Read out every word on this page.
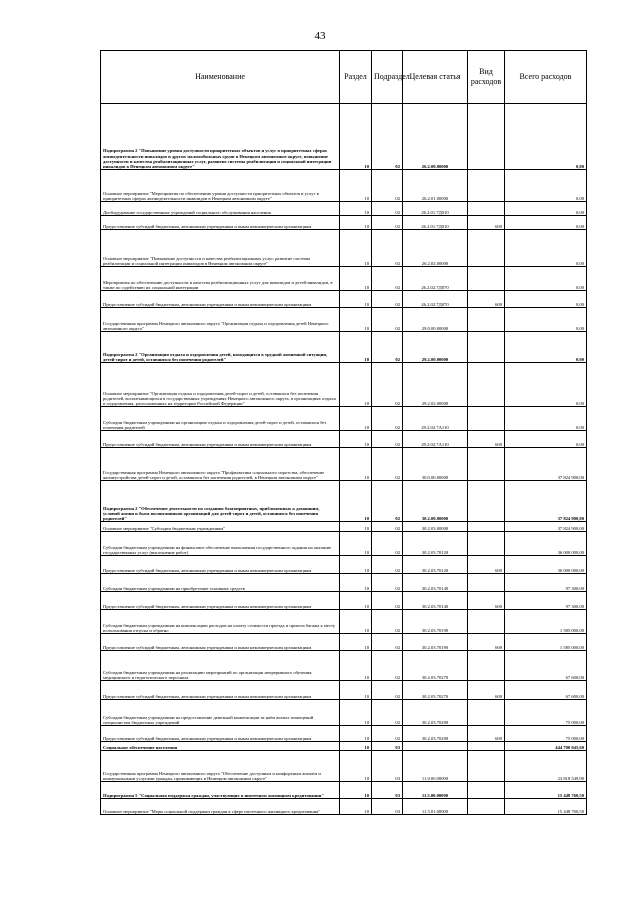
43
Наименование	Раздел	Подраздел	Целевая статья	Вид расходов	Всего расходов
Подпрограмма 2 "Повышение уровня доступности приоритетных объектов и услуг в приоритетных сферах жизнедеятельности инвалидов и других маломобильных групп в Ненецком автономном округе, повышение доступности и качества реабилитационных услуг, развитие системы реабилитации и социальной интеграции инвалидов в Ненецком автономном округе"	10	02	26.2.00.00000		0,00
Основное мероприятие "Мероприятия по обеспечению уровня доступности приоритетных объектов и услуг в приоритетных сферах жизнедеятельности инвалидов в Ненецком автономном округе"	10	02	26.2.01.00000		0,00
Дооборудование государственных учреждений социального обслуживания населения	10	02	26.2.01.7Д010		0,00
Предоставление субсидий бюджетным, автономным учреждениям и иным некоммерческим организациям	10	02	26.2.01.7Д010	600	0,00
Основное мероприятие "Повышение доступности и качества реабилитационных услуг, развитие системы реабилитации и социальной интеграции инвалидов в Ненецком автономном округе"	10	02	26.2.02.00000		0,00
Мероприятия по обеспечению доступности и качества реабилитационных услуг для инвалидов и детей-инвалидов, в также по содействию их социальной интеграции	10	02	26.2.02.7Д070		0,00
Предоставление субсидий бюджетным, автономным учреждениям и иным некоммерческим организациям	10	02	26.2.02.7Д070	600	0,00
Государственная программа Ненецкого автономного округа "Организация отдыха и оздоровления детей Ненецкого автономного округа"	10	02	29.0.00.00000		0,00
Подпрограмма 2 "Организация отдыха и оздоровления детей, находящихся в трудной жизненной ситуации, детей-сирот и детей, оставшихся без попечения родителей"	10	02	29.2.00.00000		0,00
Основное мероприятие "Организация отдыха и оздоровления детей-сирот и детей, оставшихся без попечения родителей, воспитывающихся в государственных учреждениях Ненецкого автономного округа, в организациях отдыха и оздоровления, расположенных на территории Российской Федерации"	10	02	29.2.02.00000		0,00
Субсидии бюджетным учреждениям на организацию отдыха и оздоровления детей-сирот и детей, оставшихся без попечения родителей	10	02	29.2.02.7А110		0,00
Предоставление субсидий бюджетным, автономным учреждениям и иным некоммерческим организациям	10	02	29.2.02.7А110	600	0,00
Государственная программа Ненецкого автономного округа "Профилактика социального сиротства, обеспечение жизнеустройства детей-сирот и детей, оставшихся без попечения родителей, в Ненецком автономном округе"	10	02	30.0.00.00000		37 824 900,00
Подпрограмма 2 "Обеспечение деятельности по созданию благоприятных, приближенных к домашним, условий жизни и быта воспитанников организаций для детей-сирот и детей, оставшихся без попечения родителей"	10	02	30.2.00.00000		37 824 900,00
Основное мероприятие "Субсидии бюджетным учреждениям"	10	02	30.2.03.00000		37 824 900,00
Субсидии бюджетным учреждениям на финансовое обеспечение выполнения государственного задания на оказание государственных услуг (выполнение работ)	10	02	30.2.03.70120		36 000 000,00
Предоставление субсидий бюджетным, автономным учреждениям и иным некоммерческим организациям	10	02	30.2.03.70120	600	36 000 000,00
Субсидии бюджетным учреждениям на приобретение основных средств	10	02	30.2.03.70140		97 300,00
Предоставление субсидий бюджетным, автономным учреждениям и иным некоммерческим организациям	10	02	30.2.03.70140	600	97 300,00
Субсидии бюджетным учреждениям на компенсацию расходов на оплату стоимости проезда и провоза багажа к месту использования отпуска и обратно	10	02	30.2.03.70190		1 585 000,00
Предоставление субсидий бюджетным, автономным учреждениям и иным некоммерческим организациям	10	02	30.2.03.70190	600	1 585 000,00
Субсидии бюджетным учреждениям на реализацию мероприятий по организации непрерывного обучения медицинского и педагогического персонала	10	02	30.2.03.70270		67 600,00
Предоставление субсидий бюджетным, автономным учреждениям и иным некоммерческим организациям	10	02	30.2.03.70270	600	67 600,00
Субсидии бюджетным учреждениям на предоставление денежной компенсации за наём жилых помещений специалистам бюджетных учреждений	10	02	30.2.03.70290		75 000,00
Предоставление субсидий бюджетным, автономным учреждениям и иным некоммерческим организациям	10	02	30.2.03.70290	600	75 000,00
Социальное обеспечение населения	10	03			444 700 045,60
Государственная программа Ненецкого автономного округа "Обеспечение доступным и комфортным жильём и коммунальными услугами граждан, проживающих в Ненецком автономном округе"	10	03	11.0.00.00000		23 818 549,90
Подпрограмма 5 "Социальная поддержка граждан, участвующих в ипотечном жилищном кредитовании"	10	03	11.5.00.00000		15 448 760,50
Основное мероприятие "Меры социальной поддержки граждан в сфере ипотечного жилищного кредитования"	10	03	11.5.01.00000		15 448 760,50
